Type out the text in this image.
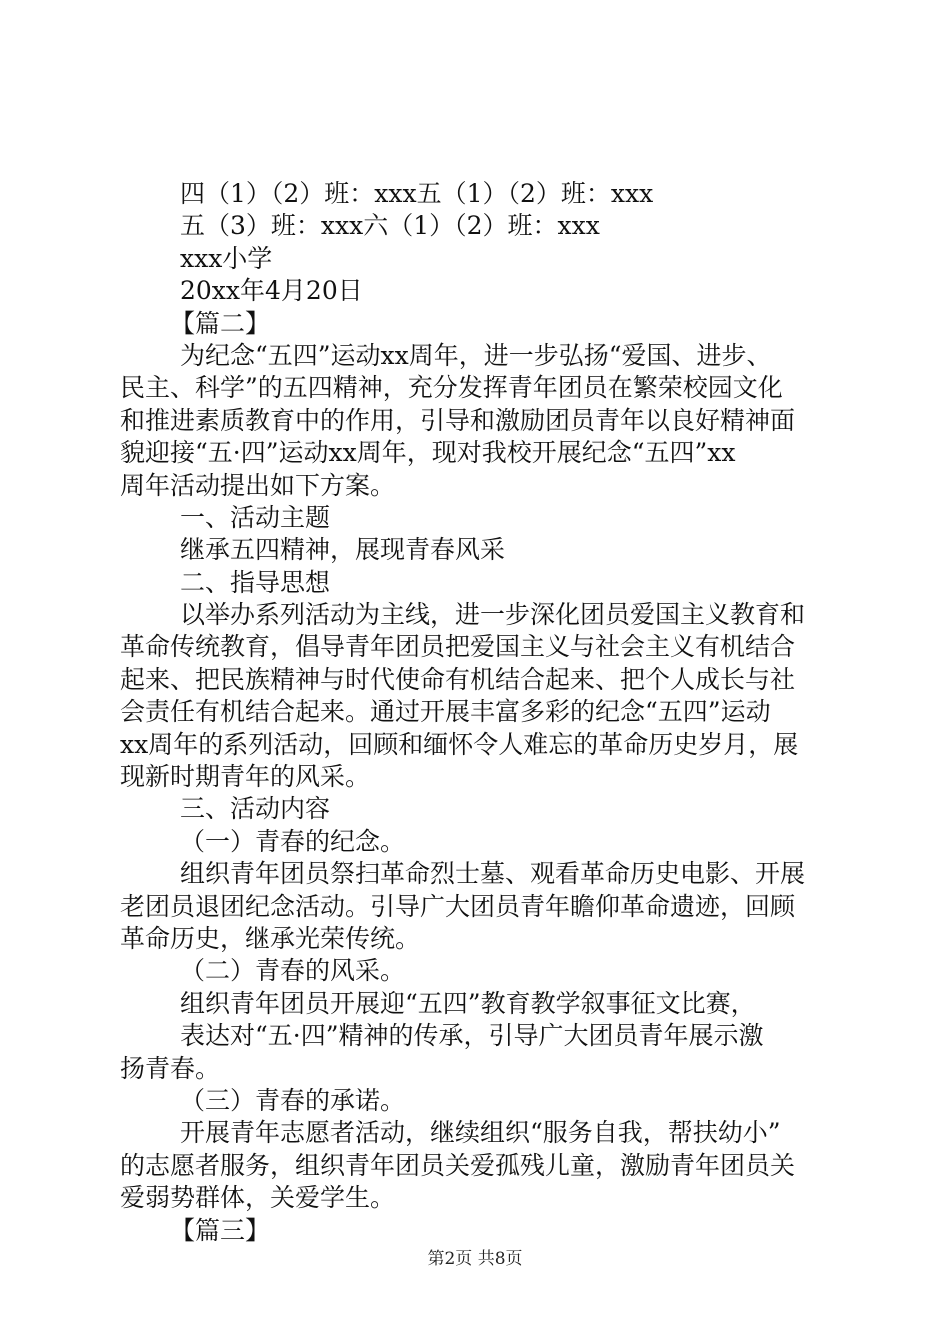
四（1）（2）班：xxx五（1）（2）班：xxx
五（3）班：xxx六（1）（2）班：xxx
xxx小学
20xx年4月20日
【篇二】
为纪念“五四”运动xx周年，进一步弘扬“爱国、进步、
民主、科学”的五四精神，充分发挥青年团员在繁荣校园文化
和推进素质教育中的作用，引导和激励团员青年以良好精神面
貌迎接“五·四”运动xx周年，现对我校开展纪念“五四”xx
周年活动提出如下方案。
一、活动主题
继承五四精神，展现青春风采
二、指导思想
以举办系列活动为主线，进一步深化团员爱国主义教育和
革命传统教育，倡导青年团员把爱国主义与社会主义有机结合
起来、把民族精神与时代使命有机结合起来、把个人成长与社
会责任有机结合起来。通过开展丰富多彩的纪念“五四”运动
xx周年的系列活动，回顾和缅怀令人难忘的革命历史岁月，展
现新时期青年的风采。
三、活动内容
（一）青春的纪念。
组织青年团员祭扫革命烈士墓、观看革命历史电影、开展
老团员退团纪念活动。引导广大团员青年瞻仰革命遗迹，回顾
革命历史，继承光荣传统。
（二）青春的风采。
组织青年团员开展迎“五四”教育教学叙事征文比赛，
表达对“五·四”精神的传承，引导广大团员青年展示激
扬青春。
（三）青春的承诺。
开展青年志愿者活动，继续组织“服务自我，帮扶幼小”
的志愿者服务，组织青年团员关爱孤残儿童，激励青年团员关
爱弱势群体，关爱学生。
【篇三】
第2页 共8页
